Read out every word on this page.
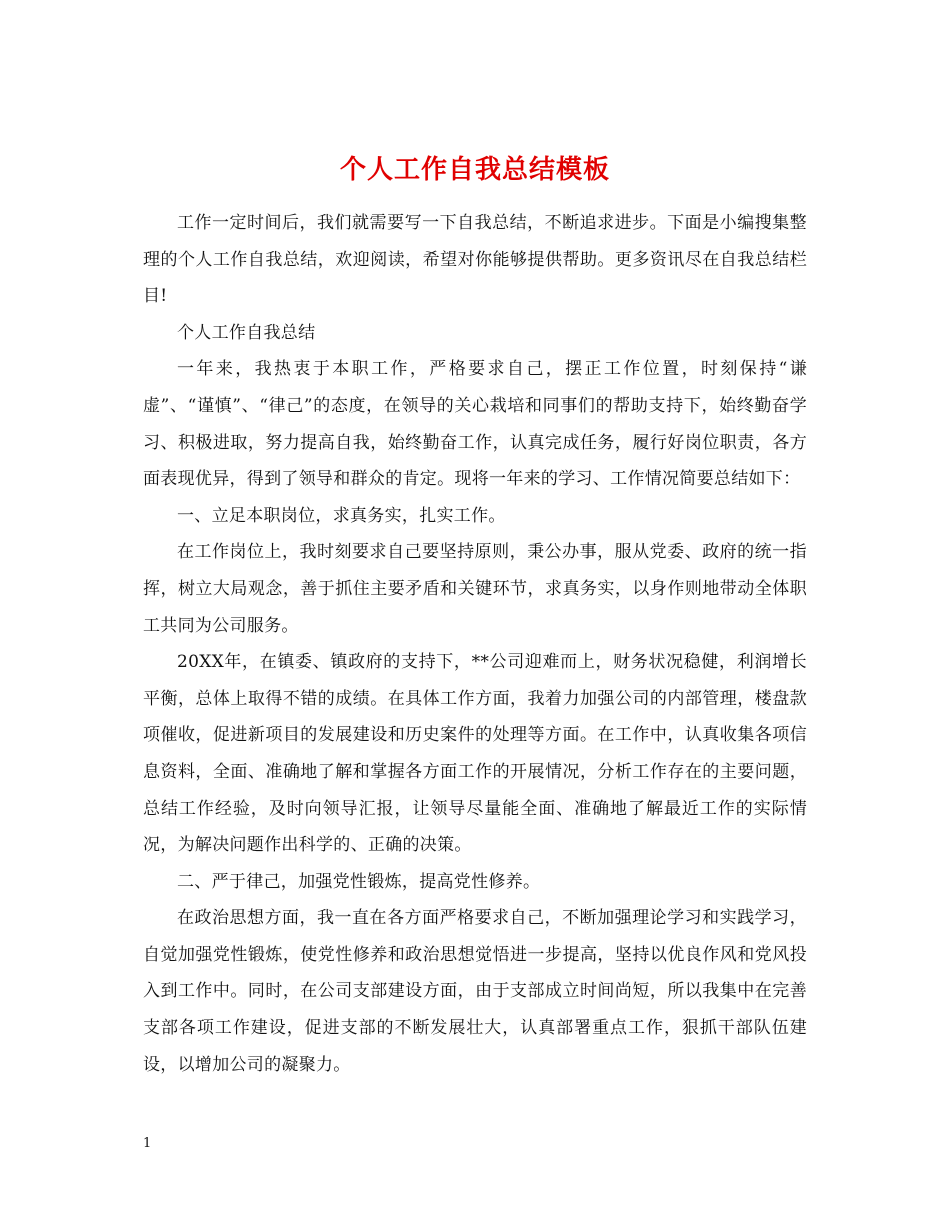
个人工作自我总结模板

工作一定时间后，我们就需要写一下自我总结，不断追求进步。下面是小编搜集整理的个人工作自我总结，欢迎阅读，希望对你能够提供帮助。更多资讯尽在自我总结栏目!

个人工作自我总结

一年来，我热衷于本职工作，严格要求自己，摆正工作位置，时刻保持“谦虚”、“谨慎”、“律己”的态度，在领导的关心栽培和同事们的帮助支持下，始终勤奋学习、积极进取，努力提高自我，始终勤奋工作，认真完成任务，履行好岗位职责，各方面表现优异，得到了领导和群众的肯定。现将一年来的学习、工作情况简要总结如下：

一、立足本职岗位，求真务实，扎实工作。

在工作岗位上，我时刻要求自己要坚持原则，秉公办事，服从党委、政府的统一指挥，树立大局观念，善于抓住主要矛盾和关键环节，求真务实，以身作则地带动全体职工共同为公司服务。

20XX年，在镇委、镇政府的支持下，**公司迎难而上，财务状况稳健，利润增长平衡，总体上取得不错的成绩。在具体工作方面，我着力加强公司的内部管理，楼盘款项催收，促进新项目的发展建设和历史案件的处理等方面。在工作中，认真收集各项信息资料，全面、准确地了解和掌握各方面工作的开展情况，分析工作存在的主要问题，总结工作经验，及时向领导汇报，让领导尽量能全面、准确地了解最近工作的实际情况，为解决问题作出科学的、正确的决策。

二、严于律己，加强党性锻炼，提高党性修养。

在政治思想方面，我一直在各方面严格要求自己，不断加强理论学习和实践学习，自觉加强党性锻炼，使党性修养和政治思想觉悟进一步提高，坚持以优良作风和党风投入到工作中。同时，在公司支部建设方面，由于支部成立时间尚短，所以我集中在完善支部各项工作建设，促进支部的不断发展壮大，认真部署重点工作，狠抓干部队伍建设，以增加公司的凝聚力。

1
